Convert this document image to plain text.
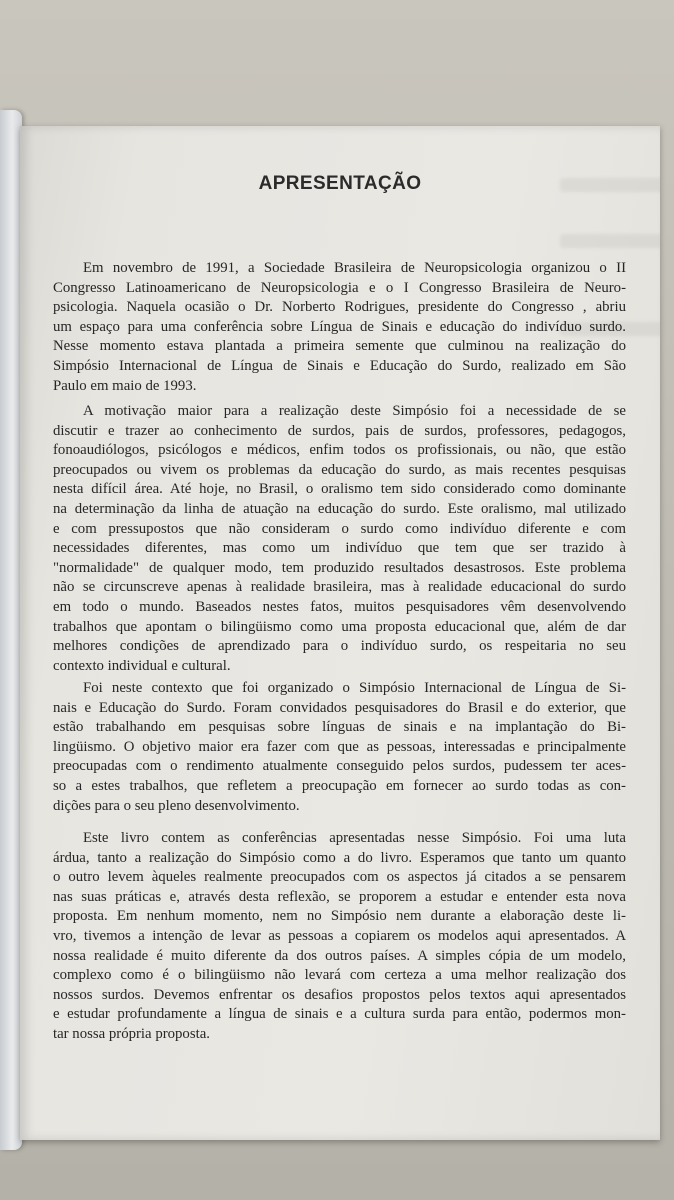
APRESENTAÇÃO

Em novembro de 1991, a Sociedade Brasileira de Neuropsicologia organizou o II
Congresso Latinoamericano de Neuropsicologia e o I Congresso Brasileira de Neuro-
psicologia. Naquela ocasião o Dr. Norberto Rodrigues, presidente do Congresso , abriu
um espaço para uma conferência sobre Língua de Sinais e educação do indivíduo surdo.
Nesse momento estava plantada a primeira semente que culminou na realização do
Simpósio Internacional de Língua de Sinais e Educação do Surdo, realizado em São
Paulo em maio de 1993.

A motivação maior para a realização deste Simpósio foi a necessidade de se
discutir e trazer ao conhecimento de surdos, pais de surdos, professores, pedagogos,
fonoaudiólogos, psicólogos e médicos, enfim todos os profissionais, ou não, que estão
preocupados ou vivem os problemas da educação do surdo, as mais recentes pesquisas
nesta difícil área. Até hoje, no Brasil, o oralismo tem sido considerado como dominante
na determinação da linha de atuação na educação do surdo. Este oralismo, mal utilizado
e com pressupostos que não consideram o surdo como indivíduo diferente e com
necessidades diferentes, mas como um indivíduo que tem que ser trazido à
"normalidade" de qualquer modo, tem produzido resultados desastrosos. Este problema
não se circunscreve apenas à realidade brasileira, mas à realidade educacional do surdo
em todo o mundo. Baseados nestes fatos, muitos pesquisadores vêm desenvolvendo
trabalhos que apontam o bilingüismo como uma proposta educacional que, além de dar
melhores condições de aprendizado para o indivíduo surdo, os respeitaria no seu
contexto individual e cultural.

Foi neste contexto que foi organizado o Simpósio Internacional de Língua de Si-
nais e Educação do Surdo. Foram convidados pesquisadores do Brasil e do exterior, que
estão trabalhando em pesquisas sobre línguas de sinais e na implantação do Bi-
lingüismo. O objetivo maior era fazer com que as pessoas, interessadas e principalmente
preocupadas com o rendimento atualmente conseguido pelos surdos, pudessem ter aces-
so a estes trabalhos, que refletem a preocupação em fornecer ao surdo todas as con-
dições para o seu pleno desenvolvimento.

Este livro contem as conferências apresentadas nesse Simpósio. Foi uma luta
árdua, tanto a realização do Simpósio como a do livro. Esperamos que tanto um quanto
o outro levem àqueles realmente preocupados com os aspectos já citados a se pensarem
nas suas práticas e, através desta reflexão, se proporem a estudar e entender esta nova
proposta. Em nenhum momento, nem no Simpósio nem durante a elaboração deste li-
vro, tivemos a intenção de levar as pessoas a copiarem os modelos aqui apresentados. A
nossa realidade é muito diferente da dos outros países. A simples cópia de um modelo,
complexo como é o bilingüismo não levará com certeza a uma melhor realização dos
nossos surdos. Devemos enfrentar os desafios propostos pelos textos aqui apresentados
e estudar profundamente a língua de sinais e a cultura surda para então, podermos mon-
tar nossa própria proposta.
